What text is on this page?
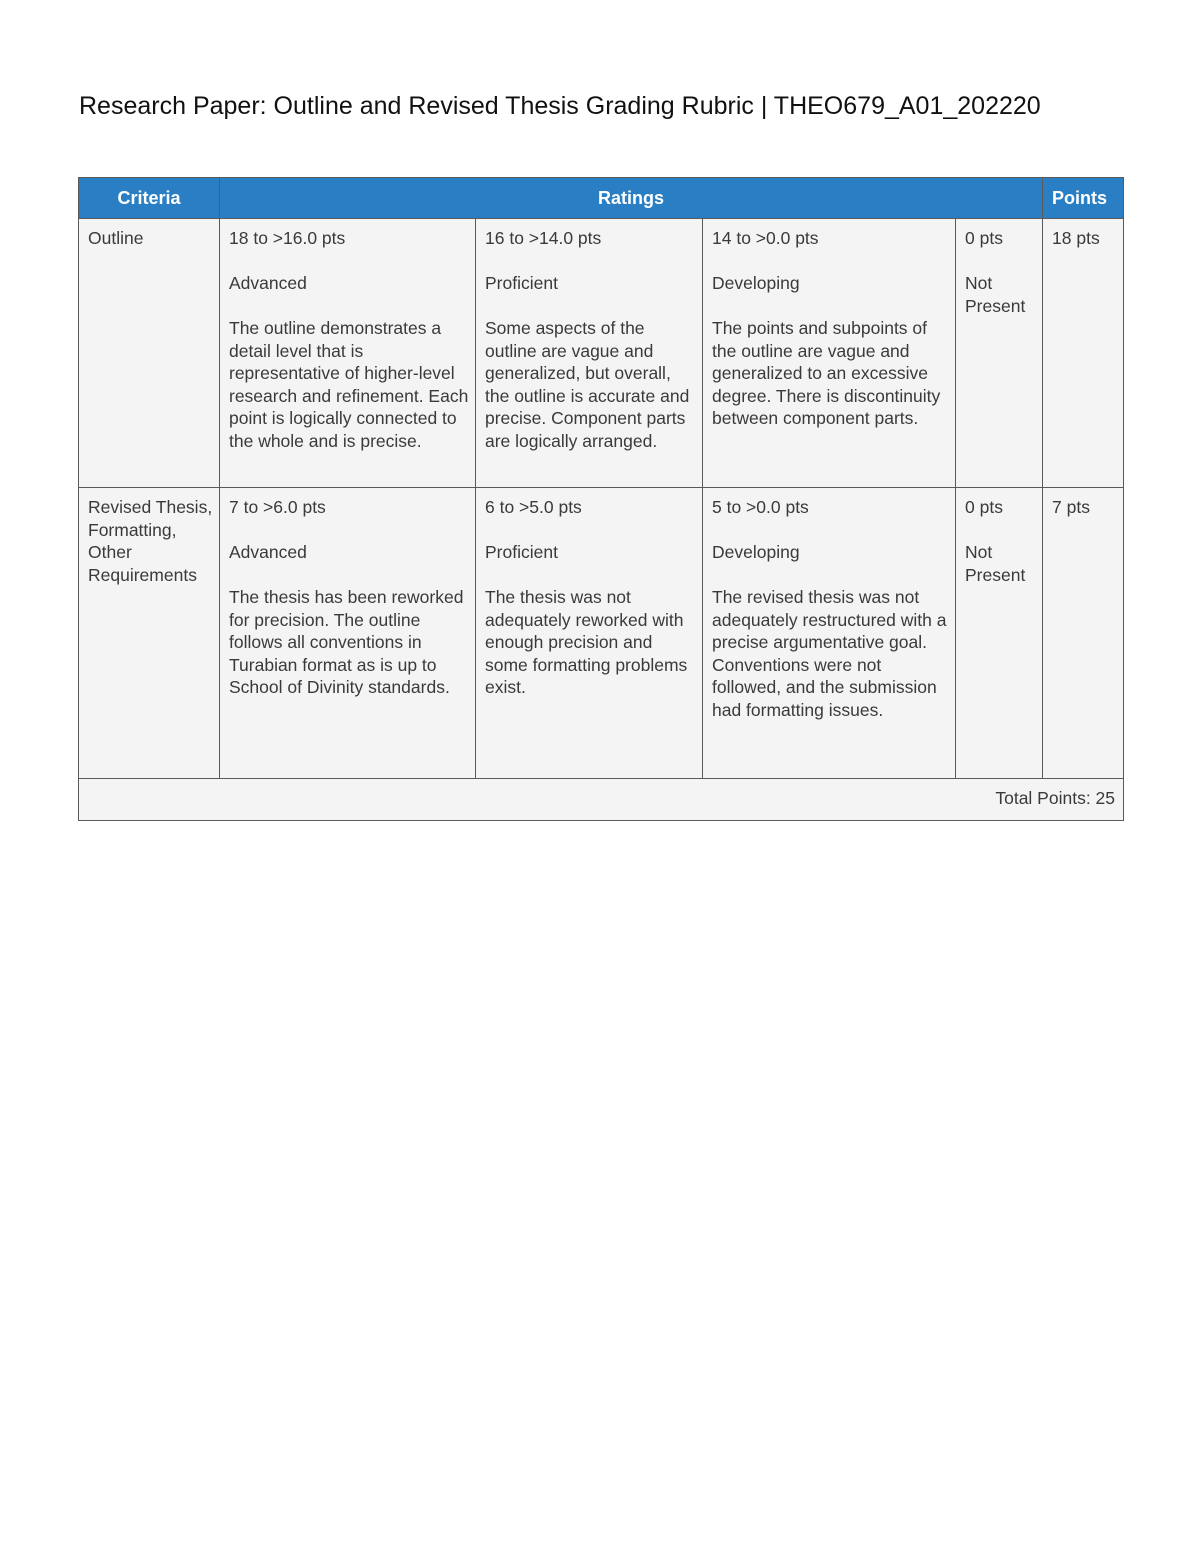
Research Paper: Outline and Revised Thesis Grading Rubric | THEO679_A01_202220
Criteria	Ratings				Points
Outline	18 to >16.0 pts
Advanced
The outline demonstrates a detail level that is representative of higher-level research and refinement. Each point is logically connected to the whole and is precise.	16 to >14.0 pts
Proficient
Some aspects of the outline are vague and generalized, but overall, the outline is accurate and precise. Component parts are logically arranged.	14 to >0.0 pts
Developing
The points and subpoints of the outline are vague and generalized to an excessive degree. There is discontinuity between component parts.	0 pts
Not Present	18 pts
Revised Thesis, Formatting, Other Requirements	7 to >6.0 pts
Advanced
The thesis has been reworked for precision. The outline follows all conventions in Turabian format as is up to School of Divinity standards.	6 to >5.0 pts
Proficient
The thesis was not adequately reworked with enough precision and some formatting problems exist.	5 to >0.0 pts
Developing
The revised thesis was not adequately restructured with a precise argumentative goal. Conventions were not followed, and the submission had formatting issues.	0 pts
Not Present	7 pts
Total Points: 25					
